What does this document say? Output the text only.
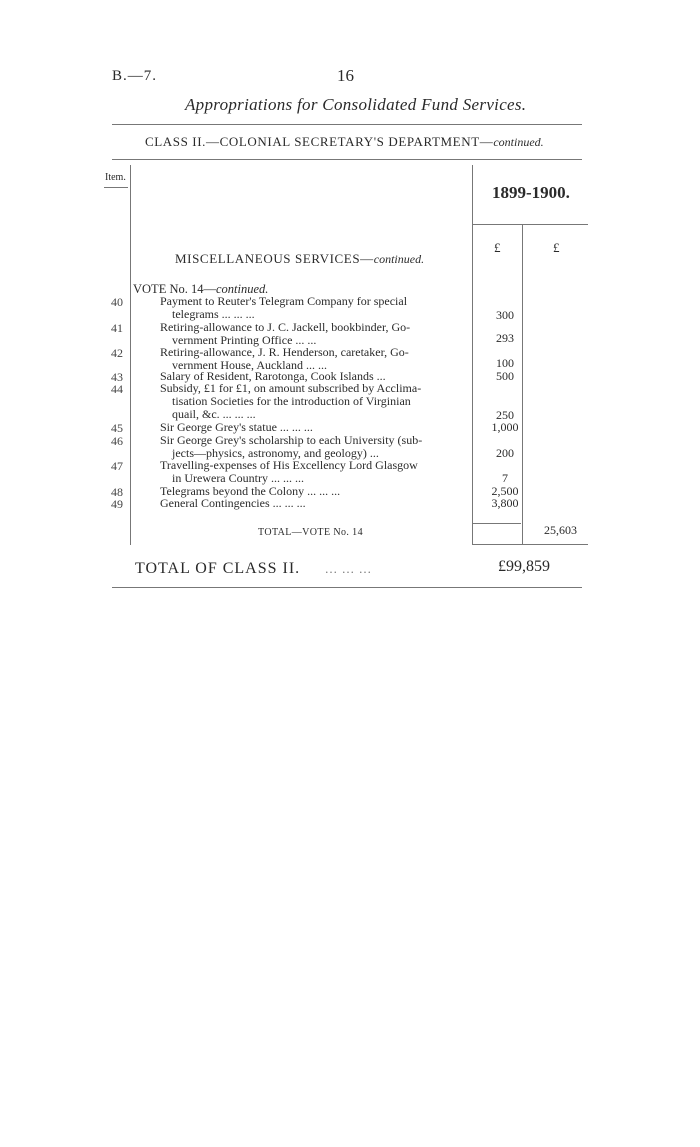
B.—7.	16
Appropriations for Consolidated Fund Services.
CLASS II.—COLONIAL SECRETARY'S DEPARTMENT—continued.
Item.
1899-1900.
£	£
MISCELLANEOUS SERVICES—continued.
VOTE No. 14—continued.
40	Payment to Reuter's Telegram Company for special
telegrams ... ... ...	300
41	Retiring-allowance to J. C. Jackell, bookbinder, Go-
vernment Printing Office ... ...	293
42	Retiring-allowance, J. R. Henderson, caretaker, Go-
vernment House, Auckland ... ...	100
43	Salary of Resident, Rarotonga, Cook Islands ...	500
44	Subsidy, £1 for £1, on amount subscribed by Acclima-
tisation Societies for the introduction of Virginian
quail, &c. ... ... ...	250
45	Sir George Grey's statue ... ... ...	1,000
46	Sir George Grey's scholarship to each University (sub-
jects—physics, astronomy, and geology) ...	200
47	Travelling-expenses of His Excellency Lord Glasgow
in Urewera Country ... ... ...	7
48	Telegrams beyond the Colony ... ... ...	2,500
49	General Contingencies ... ... ...	3,800
TOTAL—VOTE No. 14	25,603
TOTAL OF CLASS II. ... ... ...	£99,859
